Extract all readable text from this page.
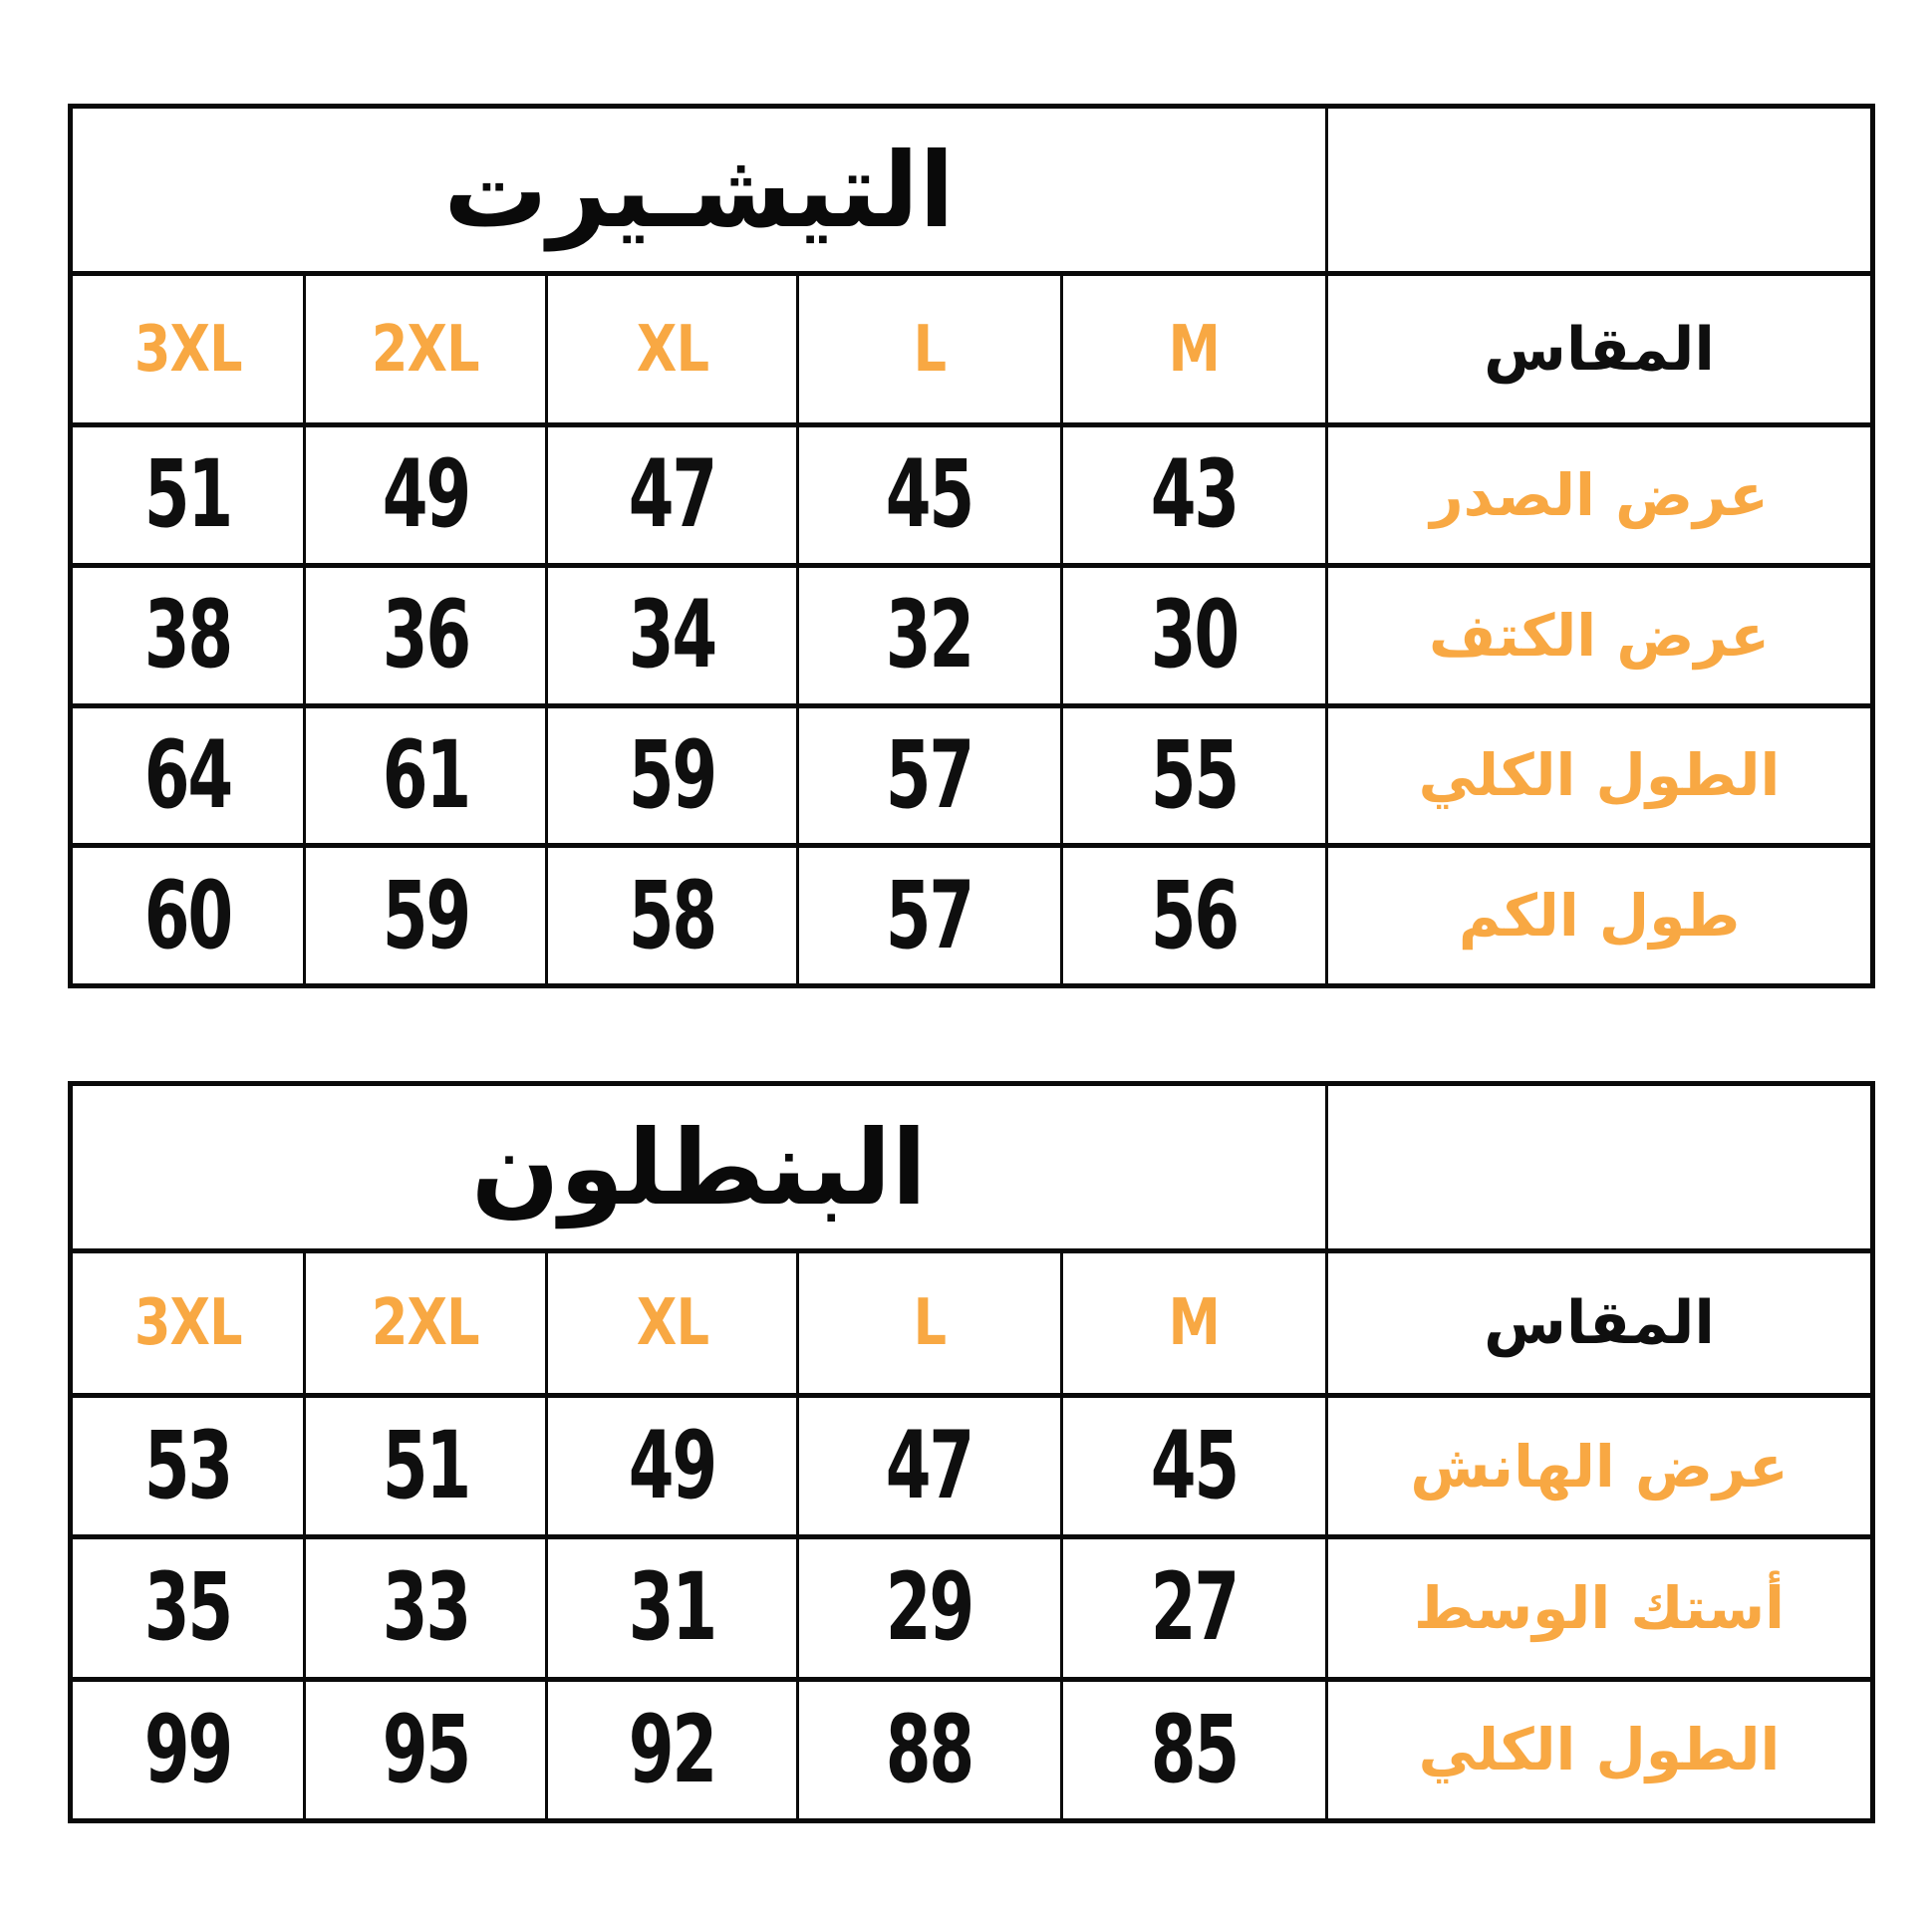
التيشـيرت
3XL 2XL XL	L	M	المقاس
51 49 47 45 43	عرض الصدر
38 36 34 32 30	عرض الكتف
64 61 59 57 55	الطول الكلي
60 59 58 57 56	طول الكم
البنطلون
3XL 2XL XL	L	M	المقاس
53 51 49 47 45	عرض الهانش
35 33 31 29 27	أستك الوسط
99 95 92 88 85	الطول الكلي
